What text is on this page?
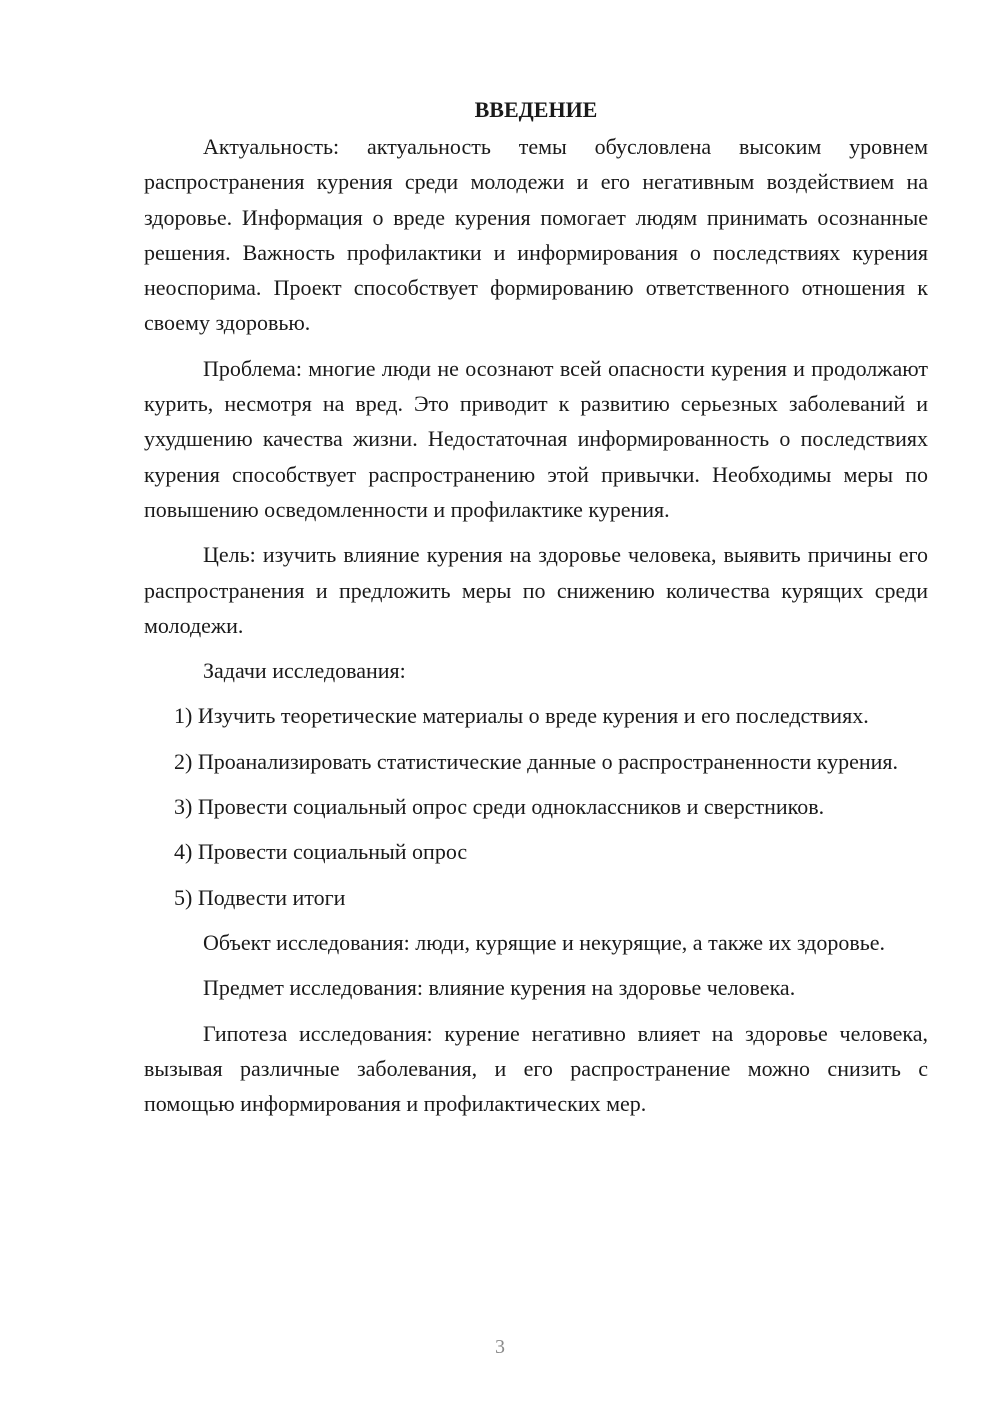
ВВЕДЕНИЕ

Актуальность: актуальность темы обусловлена высоким уровнем распространения курения среди молодежи и его негативным воздействием на здоровье. Информация о вреде курения помогает людям принимать осознанные решения. Важность профилактики и информирования о последствиях курения неоспорима. Проект способствует формированию ответственного отношения к своему здоровью.

Проблема: многие люди не осознают всей опасности курения и продолжают курить, несмотря на вред. Это приводит к развитию серьезных заболеваний и ухудшению качества жизни. Недостаточная информированность о последствиях курения способствует распространению этой привычки. Необходимы меры по повышению осведомленности и профилактике курения.

Цель: изучить влияние курения на здоровье человека, выявить причины его распространения и предложить меры по снижению количества курящих среди молодежи.

Задачи исследования:

1) Изучить теоретические материалы о вреде курения и его последствиях.

2) Проанализировать статистические данные о распространенности курения.

3) Провести социальный опрос среди одноклассников и сверстников.

4) Провести социальный опрос

5) Подвести итоги

Объект исследования: люди, курящие и некурящие, а также их здоровье.

Предмет исследования: влияние курения на здоровье человека.

Гипотеза исследования: курение негативно влияет на здоровье человека, вызывая различные заболевания, и его распространение можно снизить с помощью информирования и профилактических мер.

3
